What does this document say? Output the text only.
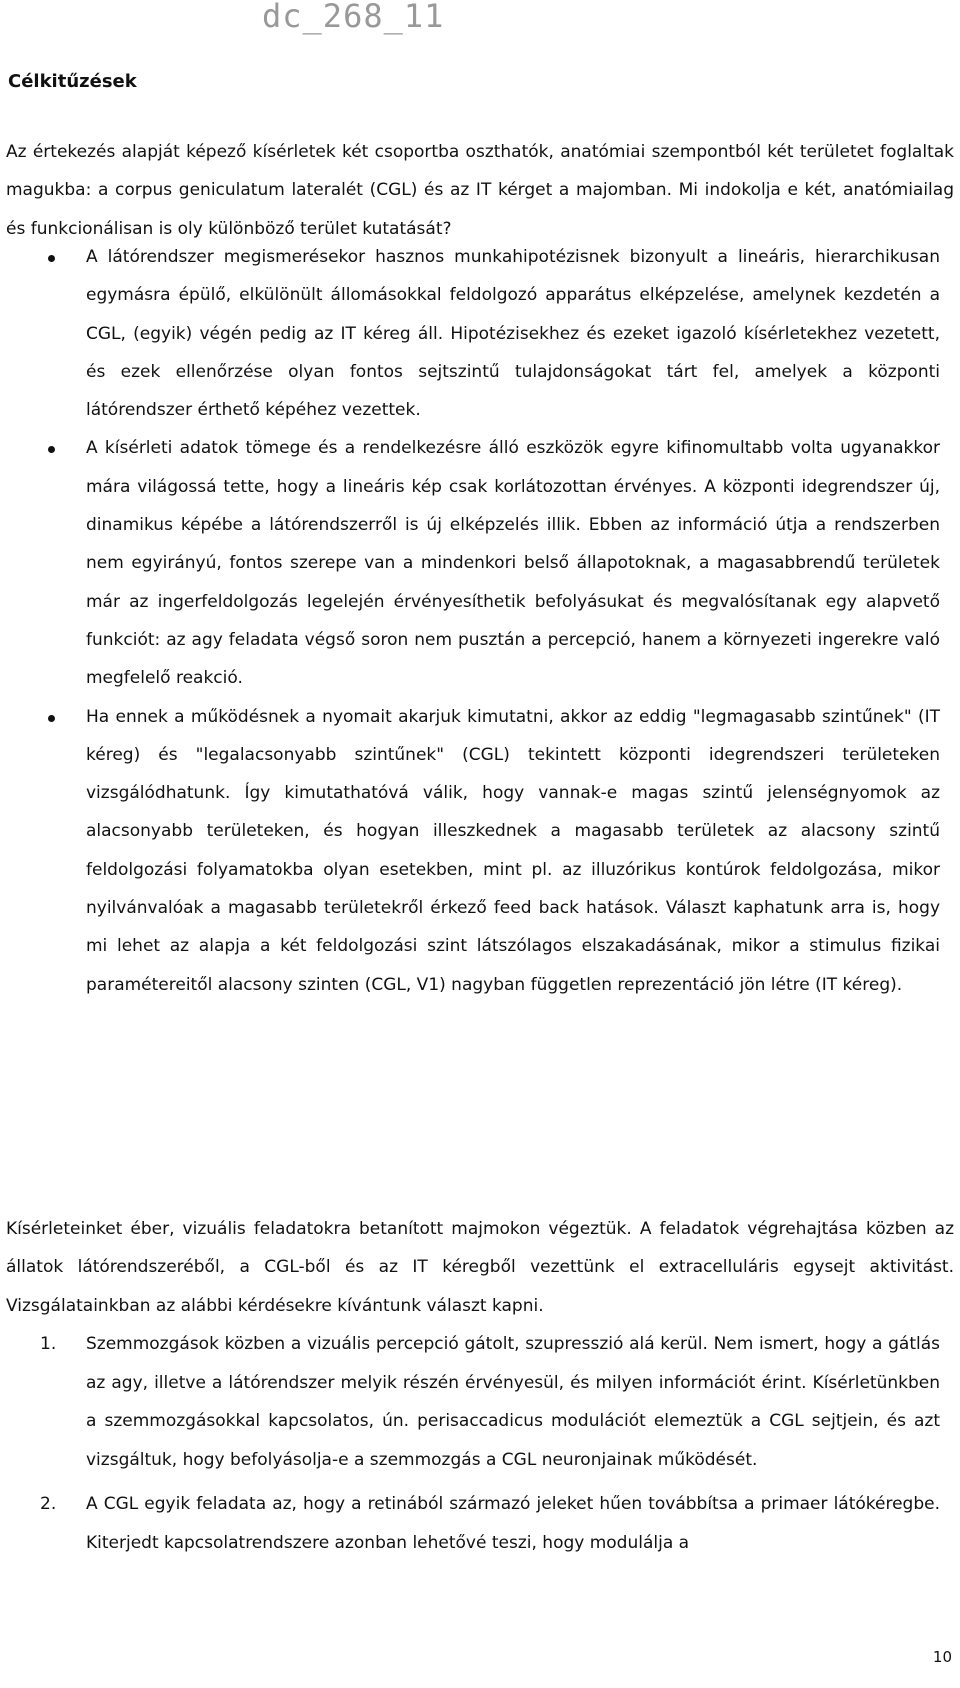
dc_268_11
Célkitűzések
Az értekezés alapját képező kísérletek két csoportba oszthatók, anatómiai szempontból két területet foglaltak magukba: a corpus geniculatum lateralét (CGL) és az IT kérget a majomban. Mi indokolja e két, anatómiailag és funkcionálisan is oly különböző terület kutatását?
A látórendszer megismerésekor hasznos munkahipotézisnek bizonyult a lineáris, hierarchikusan egymásra épülő, elkülönült állomásokkal feldolgozó apparátus elképzelése, amelynek kezdetén a CGL, (egyik) végén pedig az IT kéreg áll. Hipotézisekhez és ezeket igazoló kísérletekhez vezetett, és ezek ellenőrzése olyan fontos sejtszintű tulajdonságokat tárt fel, amelyek a központi látórendszer érthető képéhez vezettek.
A kísérleti adatok tömege és a rendelkezésre álló eszközök egyre kifinomultabb volta ugyanakkor mára világossá tette, hogy a lineáris kép csak korlátozottan érvényes. A központi idegrendszer új, dinamikus képébe a látórendszerről is új elképzelés illik. Ebben az információ útja a rendszerben nem egyirányú, fontos szerepe van a mindenkori belső állapotoknak, a magasabbrendű területek már az ingerfeldolgozás legelején érvényesíthetik befolyásukat és megvalósítanak egy alapvető funkciót: az agy feladata végső soron nem pusztán a percepció, hanem a környezeti ingerekre való megfelelő reakció.
Ha ennek a működésnek a nyomait akarjuk kimutatni, akkor az eddig "legmagasabb szintűnek" (IT kéreg) és "legalacsonyabb szintűnek" (CGL) tekintett központi idegrendszeri területeken vizsgálódhatunk. Így kimutathatóvá válik, hogy vannak-e magas szintű jelenségnyomok az alacsonyabb területeken, és hogyan illeszkednek a magasabb területek az alacsony szintű feldolgozási folyamatokba olyan esetekben, mint pl. az illuzórikus kontúrok feldolgozása, mikor nyilvánvalóak a magasabb területekről érkező feed back hatások. Választ kaphatunk arra is, hogy mi lehet az alapja a két feldolgozási szint látszólagos elszakadásának, mikor a stimulus fizikai paramétereitől alacsony szinten (CGL, V1) nagyban független reprezentáció jön létre (IT kéreg).
Kísérleteinket éber, vizuális feladatokra betanított majmokon végeztük. A feladatok végrehajtása közben az állatok látórendszeréből, a CGL-ből és az IT kéregből vezettünk el extracelluláris egysejt aktivitást. Vizsgálatainkban az alábbi kérdésekre kívántunk választ kapni.
1. Szemmozgások közben a vizuális percepció gátolt, szupresszió alá kerül. Nem ismert, hogy a gátlás az agy, illetve a látórendszer melyik részén érvényesül, és milyen információt érint. Kísérletünkben a szemmozgásokkal kapcsolatos, ún. perisaccadicus modulációt elemeztük a CGL sejtjein, és azt vizsgáltuk, hogy befolyásolja-e a szemmozgás a CGL neuronjainak működését.
2. A CGL egyik feladata az, hogy a retinából származó jeleket hűen továbbítsa a primaer látókéregbe. Kiterjedt kapcsolatrendszere azonban lehetővé teszi, hogy modulálja a
10
